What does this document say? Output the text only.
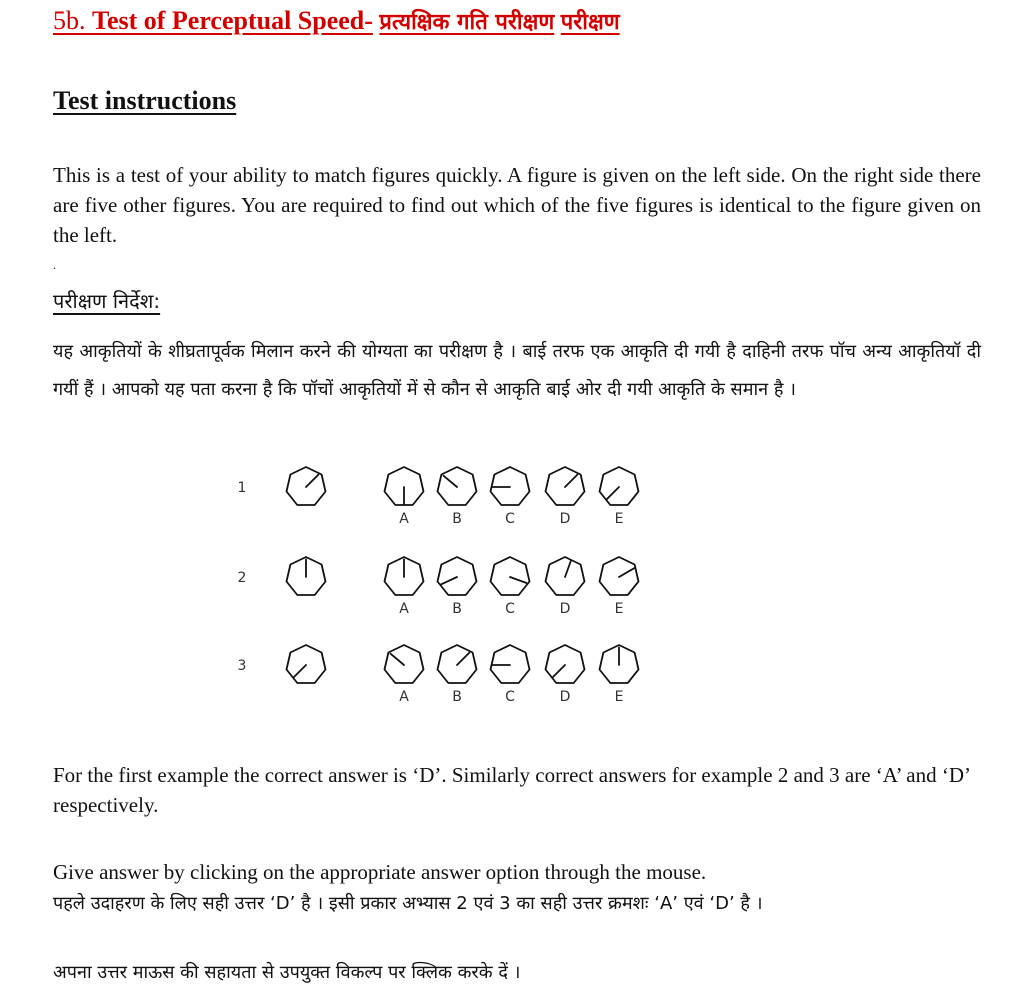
5b. Test of Perceptual Speed- प्रत्यक्षिक गति परीक्षण परीक्षण
Test instructions
This is a test of your ability to match figures quickly. A figure is given on the left side. On the right side there are five other figures. You are required to find out which of the five figures is identical to the figure given on the left.
.
परीक्षण निर्देश:
यह आकृतियों के शीघ्रतापूर्वक मिलान करने की योग्यता का परीक्षण है । बाई तरफ एक आकृति दी गयी है दाहिनी तरफ पॉच अन्य आकृतियॉ दी गयीं हैं । आपको यह पता करना है कि पॉचों आकृतियों में से कौन से आकृति बाई ओर दी गयी आकृति के समान है ।
1
A	B	C	D	E
2
A	B	C	D	E
3
A	B	C	D	E
For the first example the correct answer is ‘D’. Similarly correct answers for example 2 and 3 are ‘A’ and ‘D’ respectively.
Give answer by clicking on the appropriate answer option through the mouse.
पहले उदाहरण के लिए सही उत्तर ‘D’ है । इसी प्रकार अभ्यास 2 एवं 3 का सही उत्तर क्रमशः ‘A’ एवं ‘D’ है ।
अपना उत्तर माऊस की सहायता से उपयुक्त विकल्प पर क्लिक करके दें ।
